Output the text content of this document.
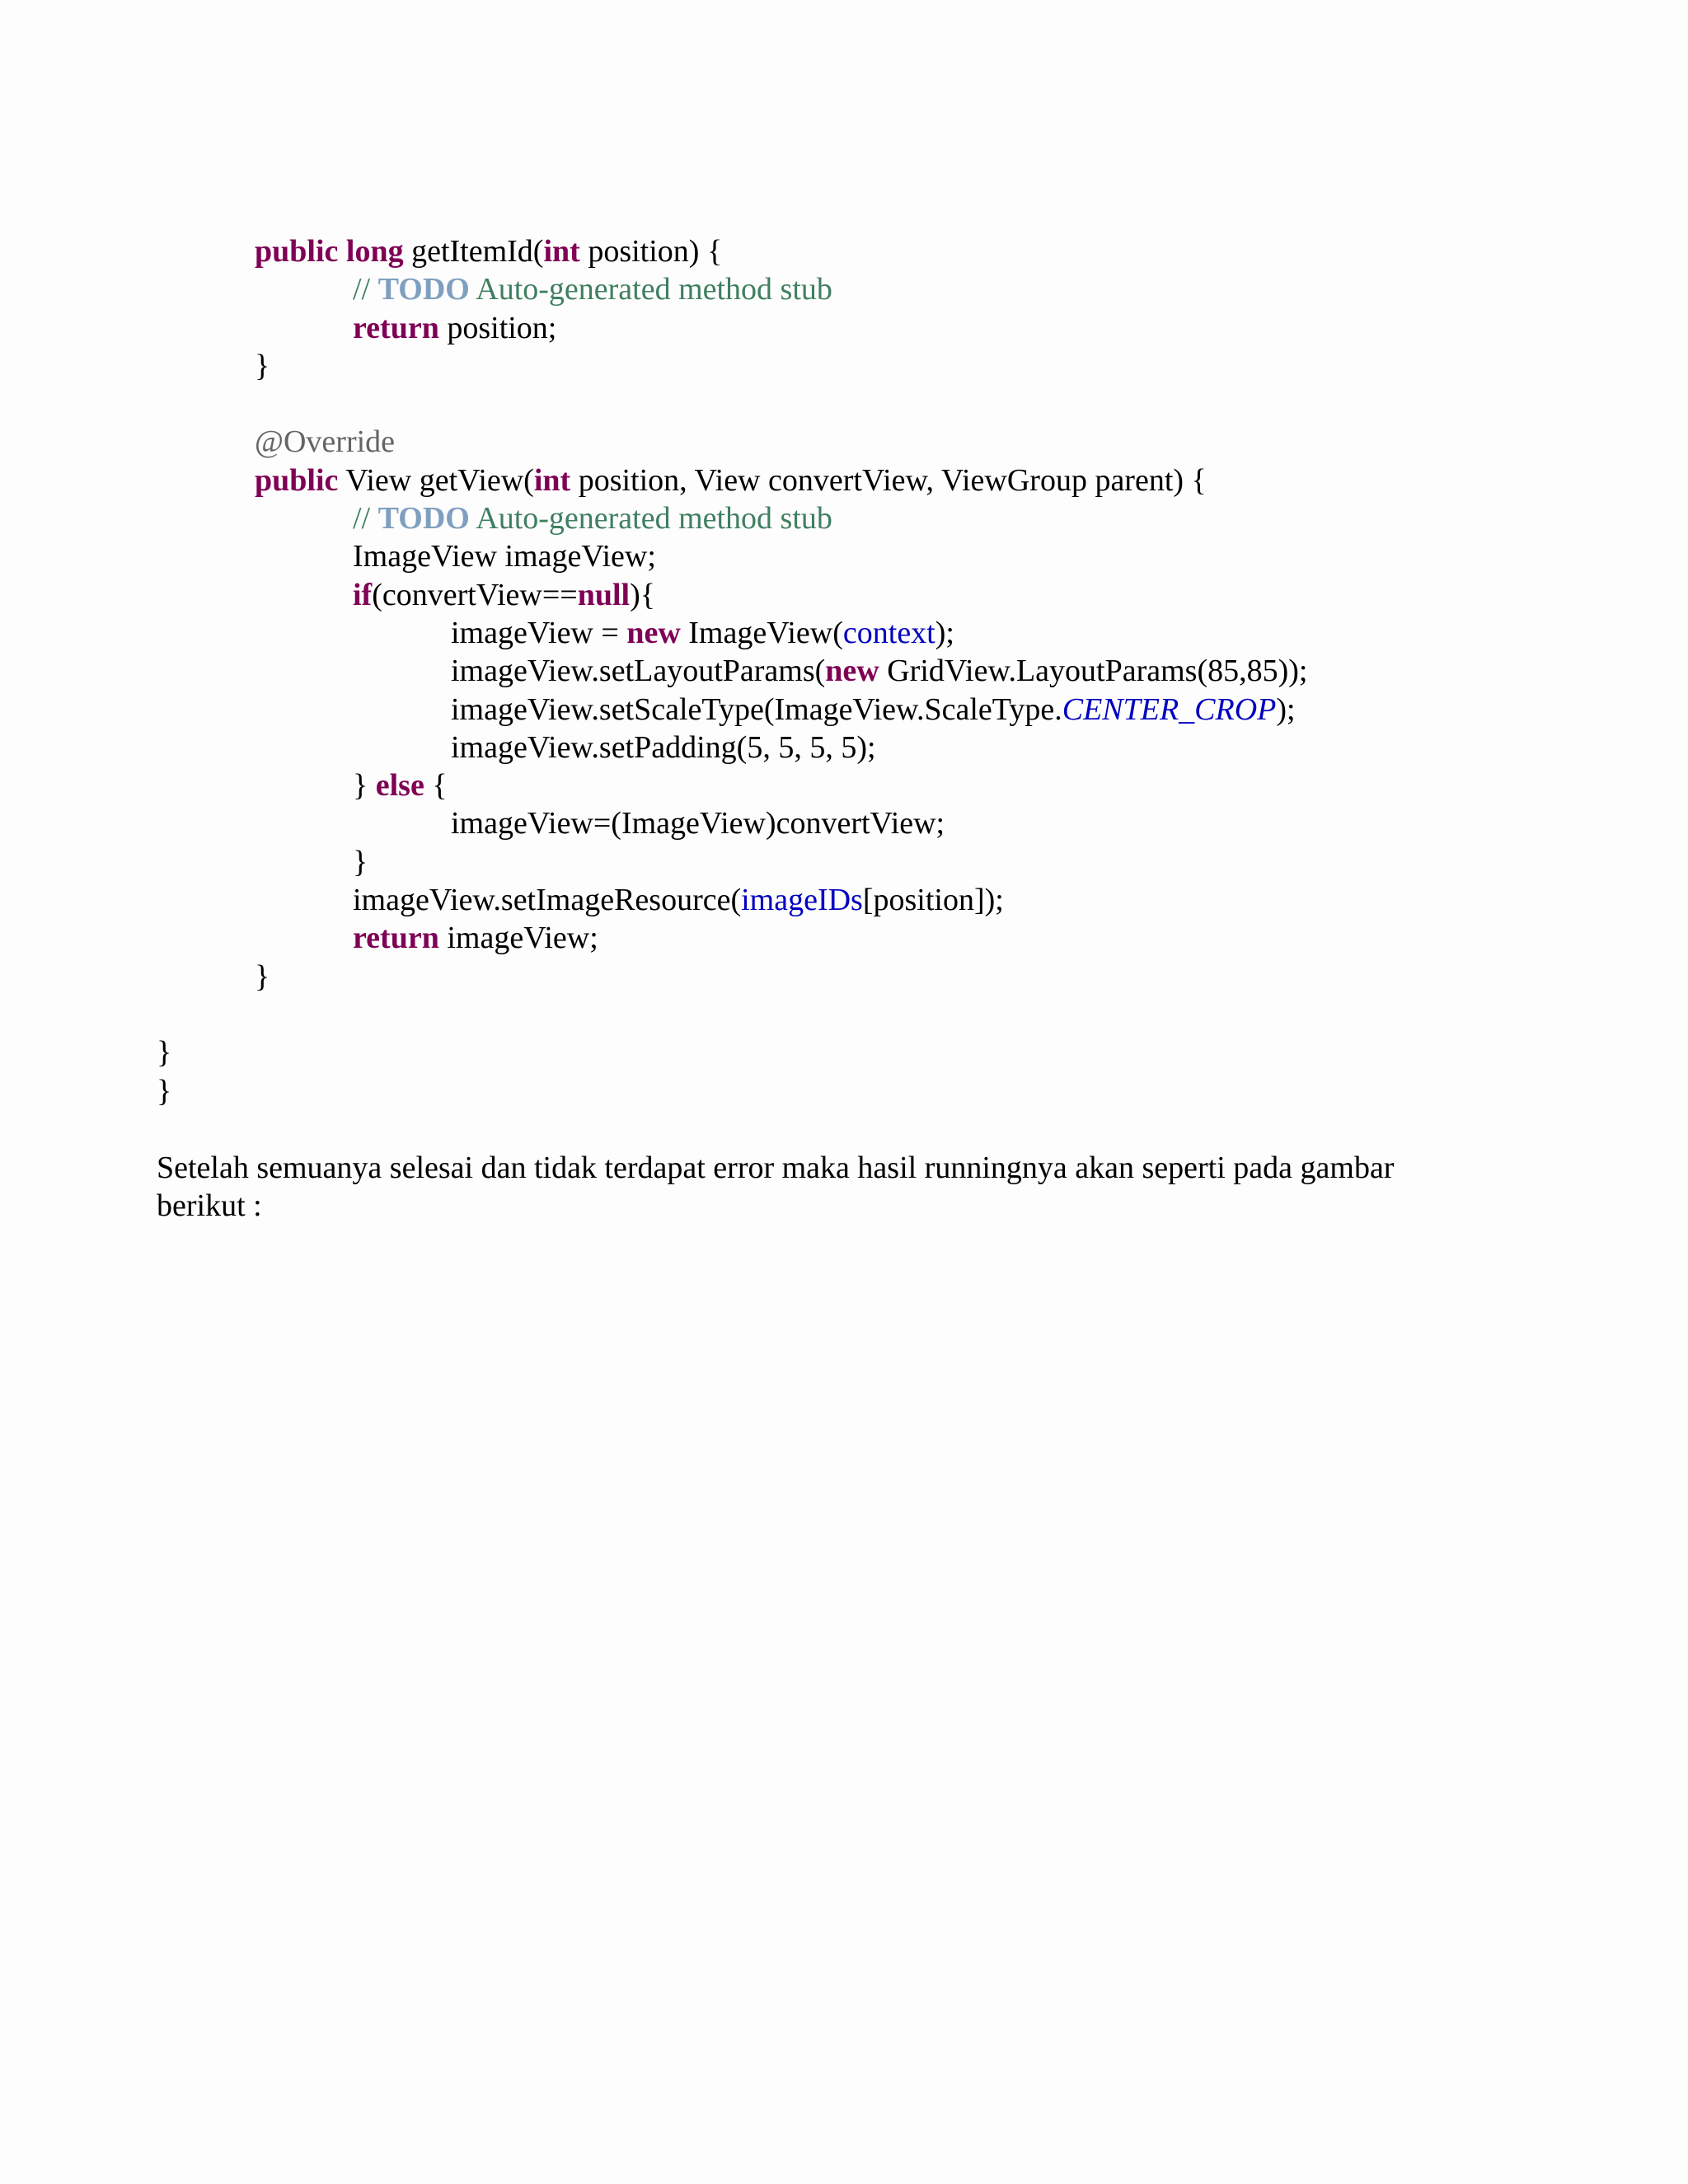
public long getItemId(int position) {
// TODO Auto-generated method stub
return position;
}
@Override
public View getView(int position, View convertView, ViewGroup parent) {
// TODO Auto-generated method stub
ImageView imageView;
if(convertView==null){
imageView = new ImageView(context);
imageView.setLayoutParams(new GridView.LayoutParams(85,85));
imageView.setScaleType(ImageView.ScaleType.CENTER_CROP);
imageView.setPadding(5, 5, 5, 5);
} else {
imageView=(ImageView)convertView;
}
imageView.setImageResource(imageIDs[position]);
return imageView;
}
}
}
Setelah semuanya selesai dan tidak terdapat error maka hasil runningnya akan seperti pada gambar
berikut :
